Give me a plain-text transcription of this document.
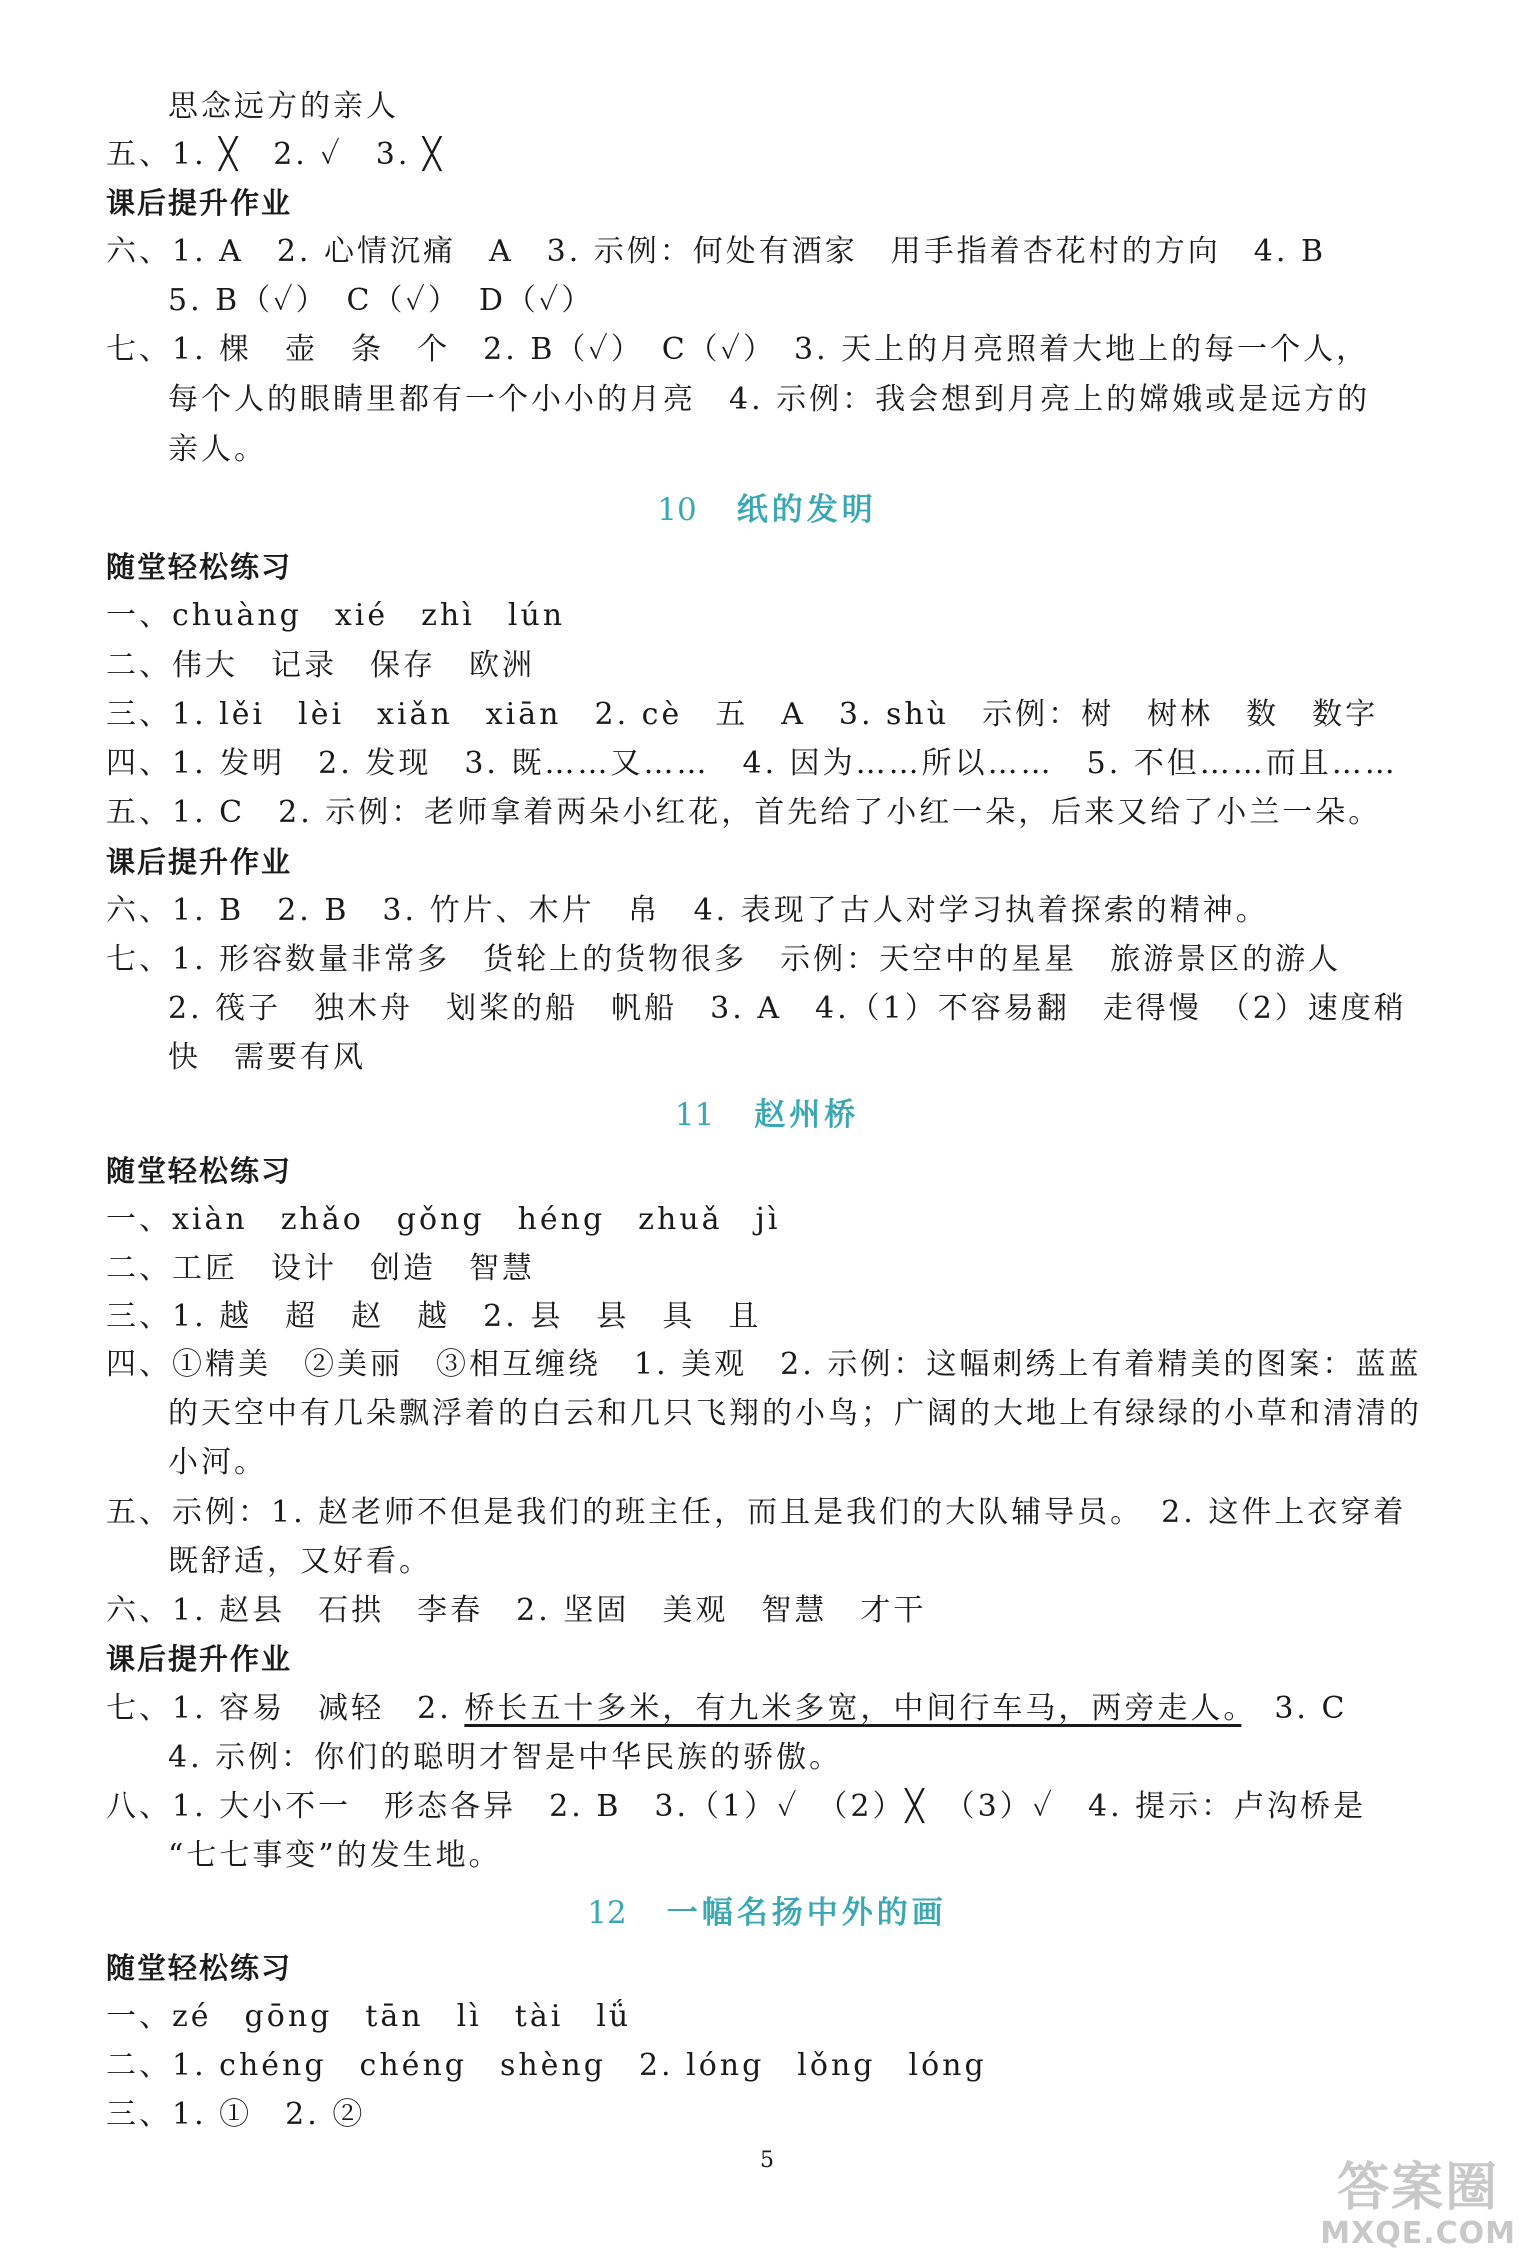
思念远方的亲人
五、1. ╳　2. ✓　3. ╳
课后提升作业
六、1. A　2. 心情沉痛　A　3. 示例：何处有酒家　用手指着杏花村的方向　4. B
5. B（✓）　C（✓）　D（✓）
七、1. 棵　壶　条　个　2. B（✓）　C（✓）　3. 天上的月亮照着大地上的每一个人，
每个人的眼睛里都有一个小小的月亮　4. 示例：我会想到月亮上的嫦娥或是远方的
亲人。
10 纸的发明
随堂轻松练习
一、chuàng　xié　zhì　lún
二、伟大　记录　保存　欧洲
三、1. lěi　lèi　xiǎn　xiān　2. cè　五　A　3. shù　示例：树　树林　数　数字
四、1. 发明　2. 发现　3. 既……又……　4. 因为……所以……　5. 不但……而且……
五、1. C　2. 示例：老师拿着两朵小红花，首先给了小红一朵，后来又给了小兰一朵。
课后提升作业
六、1. B　2. B　3. 竹片、木片　帛　4. 表现了古人对学习执着探索的精神。
七、1. 形容数量非常多　货轮上的货物很多　示例：天空中的星星　旅游景区的游人
2. 筏子　独木舟　划桨的船　帆船　3. A　4.（1）不容易翻　走得慢　（2）速度稍
快　需要有风
11 赵州桥
随堂轻松练习
一、xiàn　zhǎo　gǒng　héng　zhuǎ　jì
二、工匠　设计　创造　智慧
三、1. 越　超　赵　越　2. 县　县　具　且
四、①精美　②美丽　③相互缠绕　1. 美观　2. 示例：这幅刺绣上有着精美的图案：蓝蓝
的天空中有几朵飘浮着的白云和几只飞翔的小鸟；广阔的大地上有绿绿的小草和清清的
小河。
五、示例：1. 赵老师不但是我们的班主任，而且是我们的大队辅导员。　2. 这件上衣穿着
既舒适，又好看。
六、1. 赵县　石拱　李春　2. 坚固　美观　智慧　才干
课后提升作业
七、1. 容易　减轻　2. 桥长五十多米，有九米多宽，中间行车马，两旁走人。　3. C
4. 示例：你们的聪明才智是中华民族的骄傲。
八、1. 大小不一　形态各异　2. B　3.（1）✓　（2）╳　（3）✓　4. 提示：卢沟桥是
“七七事变”的发生地。
12 一幅名扬中外的画
随堂轻松练习
一、zé　gōng　tān　lì　tài　lǘ
二、1. chéng　chéng　shèng　2. lóng　lǒng　lóng
三、1. ①　2. ②
5	答案圈
MXQE.COM
